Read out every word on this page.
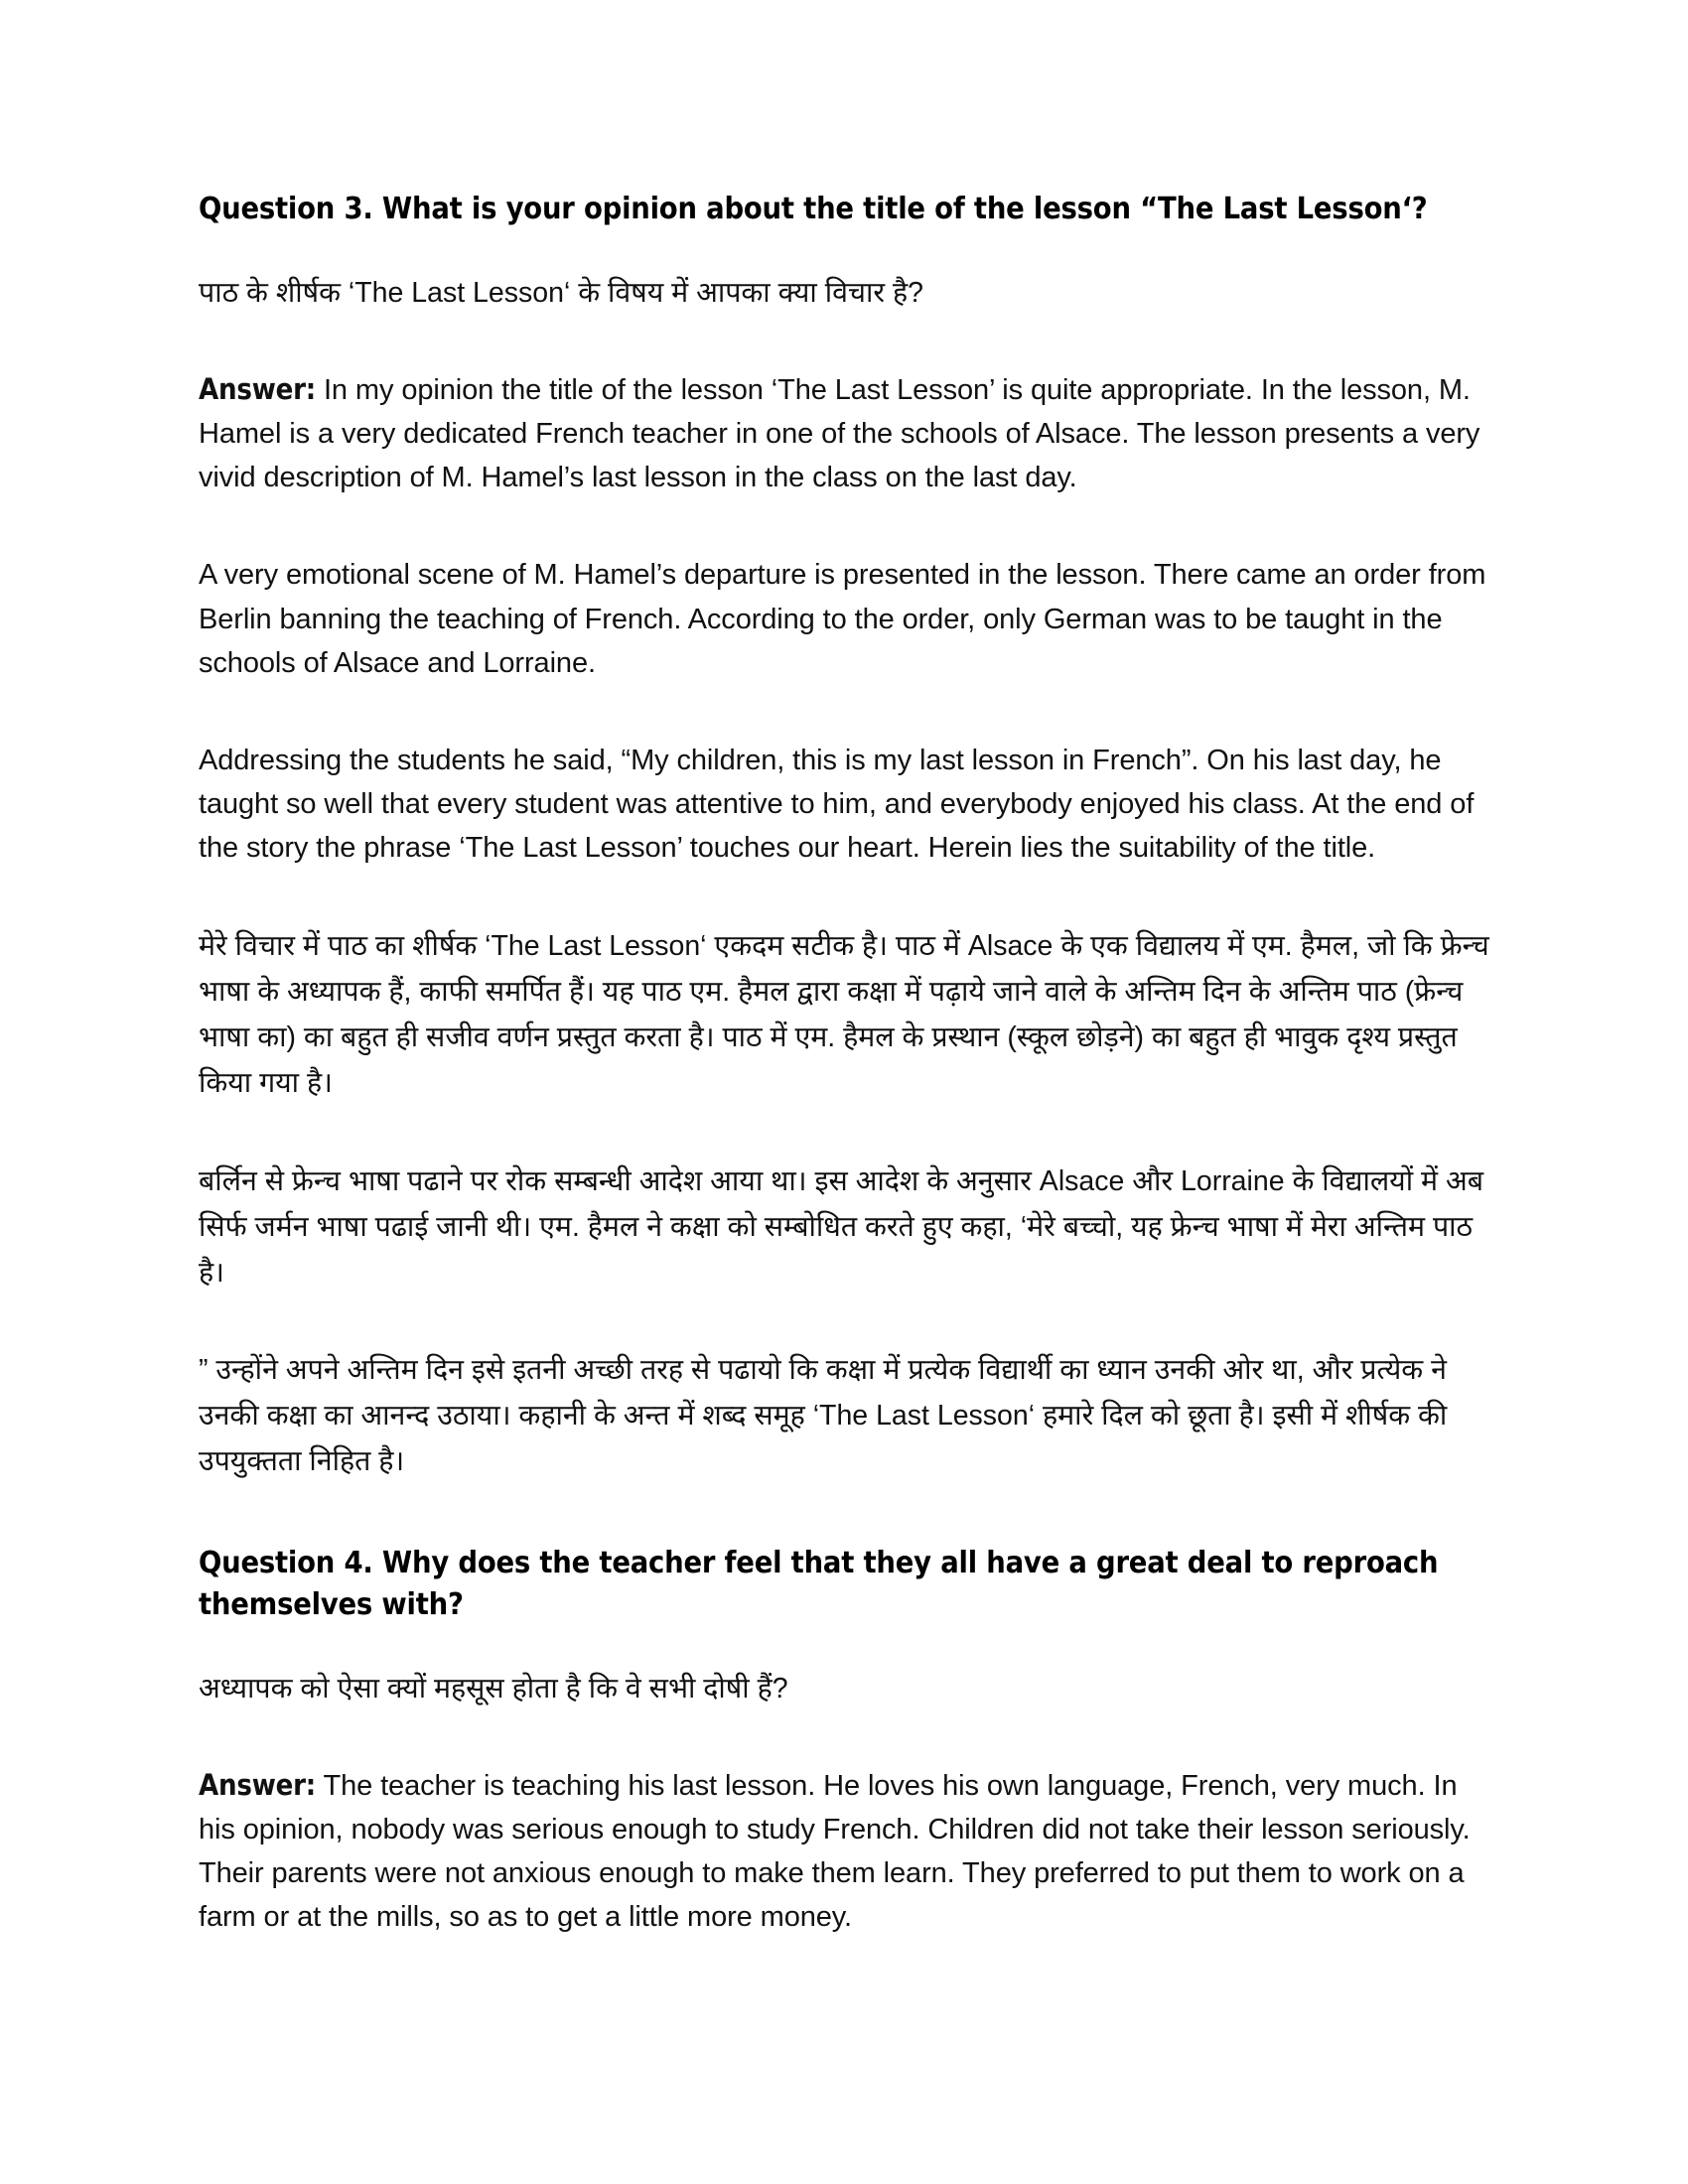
Question 3. What is your opinion about the title of the lesson “The Last Lesson‘?

पाठ के शीर्षक ‘The Last Lesson‘ के विषय में आपका क्या विचार है?

Answer: In my opinion the title of the lesson ‘The Last Lesson’ is quite appropriate. In the lesson, M. Hamel is a very dedicated French teacher in one of the schools of Alsace. The lesson presents a very vivid description of M. Hamel’s last lesson in the class on the last day.

A very emotional scene of M. Hamel’s departure is presented in the lesson. There came an order from Berlin banning the teaching of French. According to the order, only German was to be taught in the schools of Alsace and Lorraine.

Addressing the students he said, “My children, this is my last lesson in French”. On his last day, he taught so well that every student was attentive to him, and everybody enjoyed his class. At the end of the story the phrase ‘The Last Lesson’ touches our heart. Herein lies the suitability of the title.

मेरे विचार में पाठ का शीर्षक ‘The Last Lesson‘ एकदम सटीक है। पाठ में Alsace के एक विद्यालय में एम. हैमल, जो कि फ्रेन्च भाषा के अध्यापक हैं, काफी समर्पित हैं। यह पाठ एम. हैमल द्वारा कक्षा में पढ़ाये जाने वाले के अन्तिम दिन के अन्तिम पाठ (फ्रेन्च भाषा का) का बहुत ही सजीव वर्णन प्रस्तुत करता है। पाठ में एम. हैमल के प्रस्थान (स्कूल छोड़ने) का बहुत ही भावुक दृश्य प्रस्तुत किया गया है।

बर्लिन से फ्रेन्च भाषा पढाने पर रोक सम्बन्धी आदेश आया था। इस आदेश के अनुसार Alsace और Lorraine के विद्यालयों में अब सिर्फ जर्मन भाषा पढाई जानी थी। एम. हैमल ने कक्षा को सम्बोधित करते हुए कहा, ‘मेरे बच्चो, यह फ्रेन्च भाषा में मेरा अन्तिम पाठ है।

” उन्होंने अपने अन्तिम दिन इसे इतनी अच्छी तरह से पढायो कि कक्षा में प्रत्येक विद्यार्थी का ध्यान उनकी ओर था, और प्रत्येक ने उनकी कक्षा का आनन्द उठाया। कहानी के अन्त में शब्द समूह ‘The Last Lesson‘ हमारे दिल को छूता है। इसी में शीर्षक की उपयुक्तता निहित है।

Question 4. Why does the teacher feel that they all have a great deal to reproach themselves with?

अध्यापक को ऐसा क्यों महसूस होता है कि वे सभी दोषी हैं?

Answer: The teacher is teaching his last lesson. He loves his own language, French, very much. In his opinion, nobody was serious enough to study French. Children did not take their lesson seriously. Their parents were not anxious enough to make them learn. They preferred to put them to work on a farm or at the mills, so as to get a little more money.
